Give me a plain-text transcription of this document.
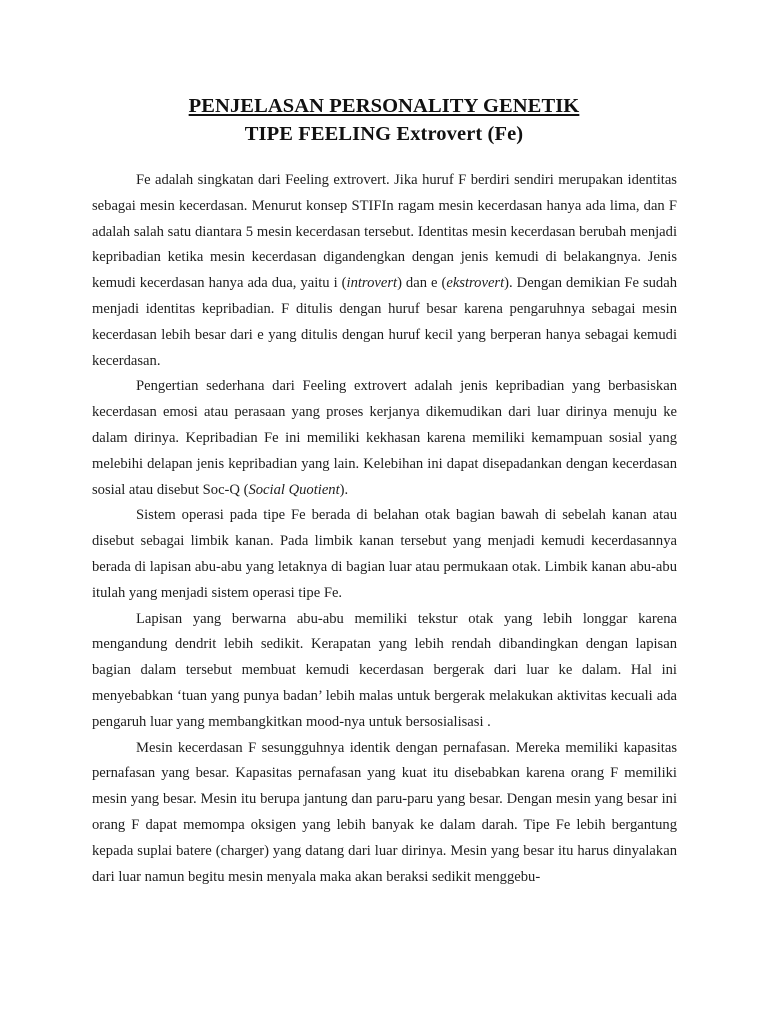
PENJELASAN PERSONALITY GENETIK
TIPE FEELING Extrovert (Fe)

Fe adalah singkatan dari Feeling extrovert. Jika huruf F berdiri sendiri merupakan identitas sebagai mesin kecerdasan. Menurut konsep STIFIn ragam mesin kecerdasan hanya ada lima, dan F adalah salah satu diantara 5 mesin kecerdasan tersebut. Identitas mesin kecerdasan berubah menjadi kepribadian ketika mesin kecerdasan digandengkan dengan jenis kemudi di belakangnya. Jenis kemudi kecerdasan hanya ada dua, yaitu i (introvert) dan e (ekstrovert). Dengan demikian Fe sudah menjadi identitas kepribadian. F ditulis dengan huruf besar karena pengaruhnya sebagai mesin kecerdasan lebih besar dari e yang ditulis dengan huruf kecil yang berperan hanya sebagai kemudi kecerdasan.

Pengertian sederhana dari Feeling extrovert adalah jenis kepribadian yang berbasiskan kecerdasan emosi atau perasaan yang proses kerjanya dikemudikan dari luar dirinya menuju ke dalam dirinya. Kepribadian Fe ini memiliki kekhasan karena memiliki kemampuan sosial yang melebihi delapan jenis kepribadian yang lain. Kelebihan ini dapat disepadankan dengan kecerdasan sosial atau disebut Soc-Q (Social Quotient).

Sistem operasi pada tipe Fe berada di belahan otak bagian bawah di sebelah kanan atau disebut sebagai limbik kanan. Pada limbik kanan tersebut yang menjadi kemudi kecerdasannya berada di lapisan abu-abu yang letaknya di bagian luar atau permukaan otak. Limbik kanan abu-abu itulah yang menjadi sistem operasi tipe Fe.

Lapisan yang berwarna abu-abu memiliki tekstur otak yang lebih longgar karena mengandung dendrit lebih sedikit. Kerapatan yang lebih rendah dibandingkan dengan lapisan bagian dalam tersebut membuat kemudi kecerdasan bergerak dari luar ke dalam. Hal ini menyebabkan ‘tuan yang punya badan’ lebih malas untuk bergerak melakukan aktivitas kecuali ada pengaruh luar yang membangkitkan mood-nya untuk bersosialisasi .

Mesin kecerdasan F sesungguhnya identik dengan pernafasan. Mereka memiliki kapasitas pernafasan yang besar. Kapasitas pernafasan yang kuat itu disebabkan karena orang F memiliki mesin yang besar. Mesin itu berupa jantung dan paru-paru yang besar. Dengan mesin yang besar ini orang F dapat memompa oksigen yang lebih banyak ke dalam darah. Tipe Fe lebih bergantung kepada suplai batere (charger) yang datang dari luar dirinya. Mesin yang besar itu harus dinyalakan dari luar namun begitu mesin menyala maka akan beraksi sedikit menggebu-
